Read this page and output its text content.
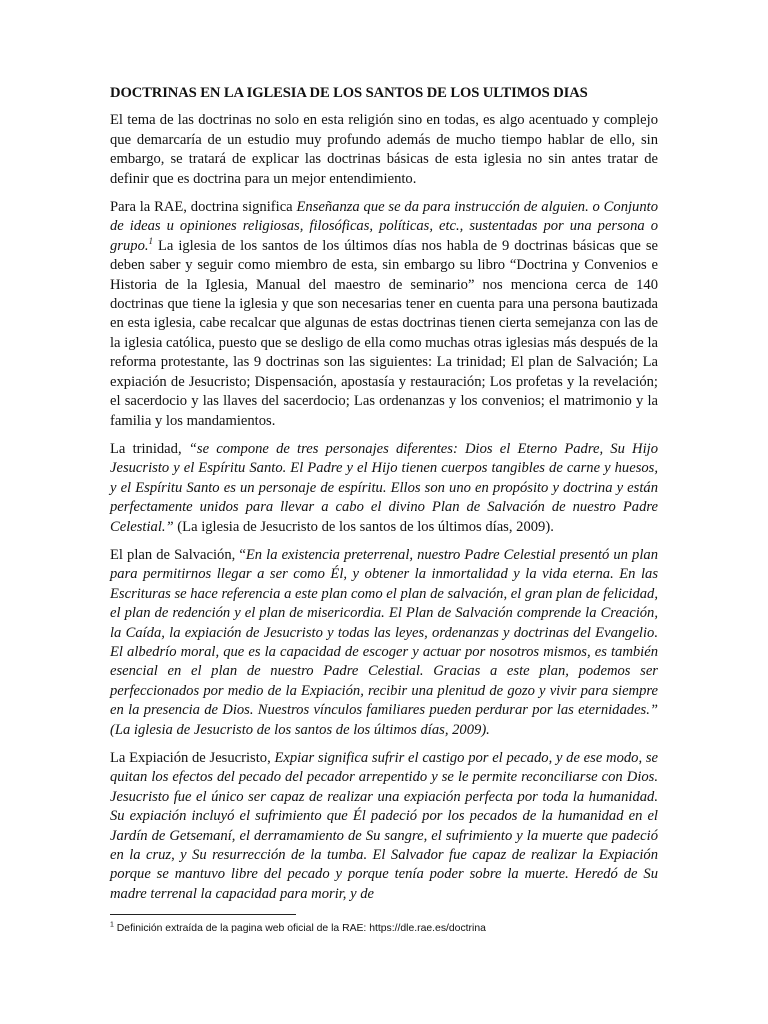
DOCTRINAS EN LA IGLESIA DE LOS SANTOS DE LOS ULTIMOS DIAS

El tema de las doctrinas no solo en esta religión sino en todas, es algo acentuado y complejo que demarcaría de un estudio muy profundo además de mucho tiempo hablar de ello, sin embargo, se tratará de explicar las doctrinas básicas de esta iglesia no sin antes tratar de definir que es doctrina para un mejor entendimiento.

Para la RAE, doctrina significa Enseñanza que se da para instrucción de alguien. o Conjunto de ideas u opiniones religiosas, filosóficas, políticas, etc., sustentadas por una persona o grupo.$^1$ La iglesia de los santos de los últimos días nos habla de 9 doctrinas básicas que se deben saber y seguir como miembro de esta, sin embargo su libro “Doctrina y Convenios e Historia de la Iglesia, Manual del maestro de seminario” nos menciona cerca de 140 doctrinas que tiene la iglesia y que son necesarias tener en cuenta para una persona bautizada en esta iglesia, cabe recalcar que algunas de estas doctrinas tienen cierta semejanza con las de la iglesia católica, puesto que se desligo de ella como muchas otras iglesias más después de la reforma protestante, las 9 doctrinas son las siguientes: La trinidad; El plan de Salvación; La expiación de Jesucristo; Dispensación, apostasía y restauración; Los profetas y la revelación; el sacerdocio y las llaves del sacerdocio; Las ordenanzas y los convenios; el matrimonio y la familia y los mandamientos.

La trinidad, “se compone de tres personajes diferentes: Dios el Eterno Padre, Su Hijo Jesucristo y el Espíritu Santo. El Padre y el Hijo tienen cuerpos tangibles de carne y huesos, y el Espíritu Santo es un personaje de espíritu. Ellos son uno en propósito y doctrina y están perfectamente unidos para llevar a cabo el divino Plan de Salvación de nuestro Padre Celestial.” (La iglesia de Jesucristo de los santos de los últimos días, 2009).

El plan de Salvación, “En la existencia preterrenal, nuestro Padre Celestial presentó un plan para permitirnos llegar a ser como Él, y obtener la inmortalidad y la vida eterna. En las Escrituras se hace referencia a este plan como el plan de salvación, el gran plan de felicidad, el plan de redención y el plan de misericordia. El Plan de Salvación comprende la Creación, la Caída, la expiación de Jesucristo y todas las leyes, ordenanzas y doctrinas del Evangelio. El albedrío moral, que es la capacidad de escoger y actuar por nosotros mismos, es también esencial en el plan de nuestro Padre Celestial. Gracias a este plan, podemos ser perfeccionados por medio de la Expiación, recibir una plenitud de gozo y vivir para siempre en la presencia de Dios. Nuestros vínculos familiares pueden perdurar por las eternidades.” (La iglesia de Jesucristo de los santos de los últimos días, 2009).

La Expiación de Jesucristo, Expiar significa sufrir el castigo por el pecado, y de ese modo, se quitan los efectos del pecado del pecador arrepentido y se le permite reconciliarse con Dios. Jesucristo fue el único ser capaz de realizar una expiación perfecta por toda la humanidad. Su expiación incluyó el sufrimiento que Él padeció por los pecados de la humanidad en el Jardín de Getsemaní, el derramamiento de Su sangre, el sufrimiento y la muerte que padeció en la cruz, y Su resurrección de la tumba. El Salvador fue capaz de realizar la Expiación porque se mantuvo libre del pecado y porque tenía poder sobre la muerte. Heredó de Su madre terrenal la capacidad para morir, y de

$^1$ Definición extraída de la pagina web oficial de la RAE: https://dle.rae.es/doctrina
